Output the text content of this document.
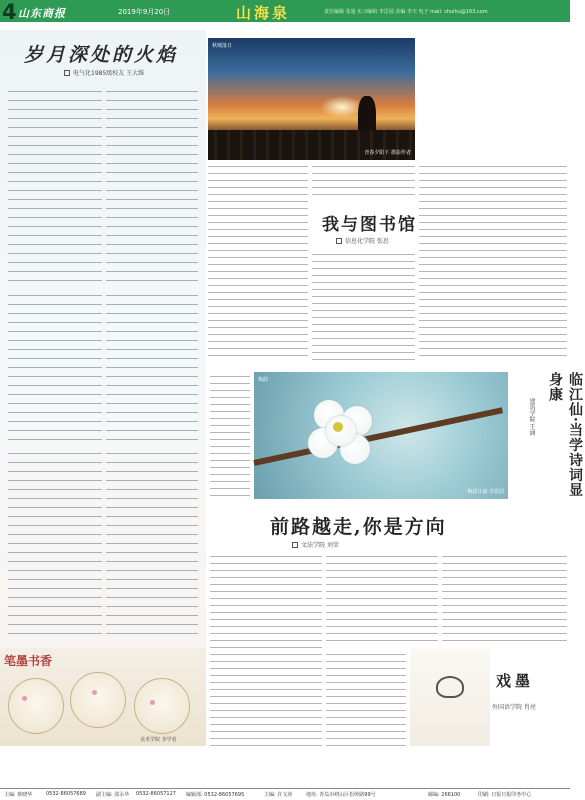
4 山东商报	2019年9月20日	山海泉	责任编辑 张通 实习编辑 李思园 美编 李天 电子 mail: shuihu@163.com
岁月深处的火焰
电气化1985级校友 王大维
秋城落日
青春夕阳下 摄影作者
我与图书馆
信息化学院 张思
梅韵
梅韵江南·李思园	临江仙·当学诗词显身康
建筑学院 王涵
前路越走,你是方向
文法学院 刘莹
笔墨书香
美术学院 李学者
戏墨
外国语学院 肖亮
主编: 蔡晓华	0532-86057689 副主编: 邵永华 0532-86057127 编辑部: 0532-86057695	主编: 许文涛	地址: 青岛市崂山区松岭路99号	邮编: 266100	印刷: 日报日报印务中心
